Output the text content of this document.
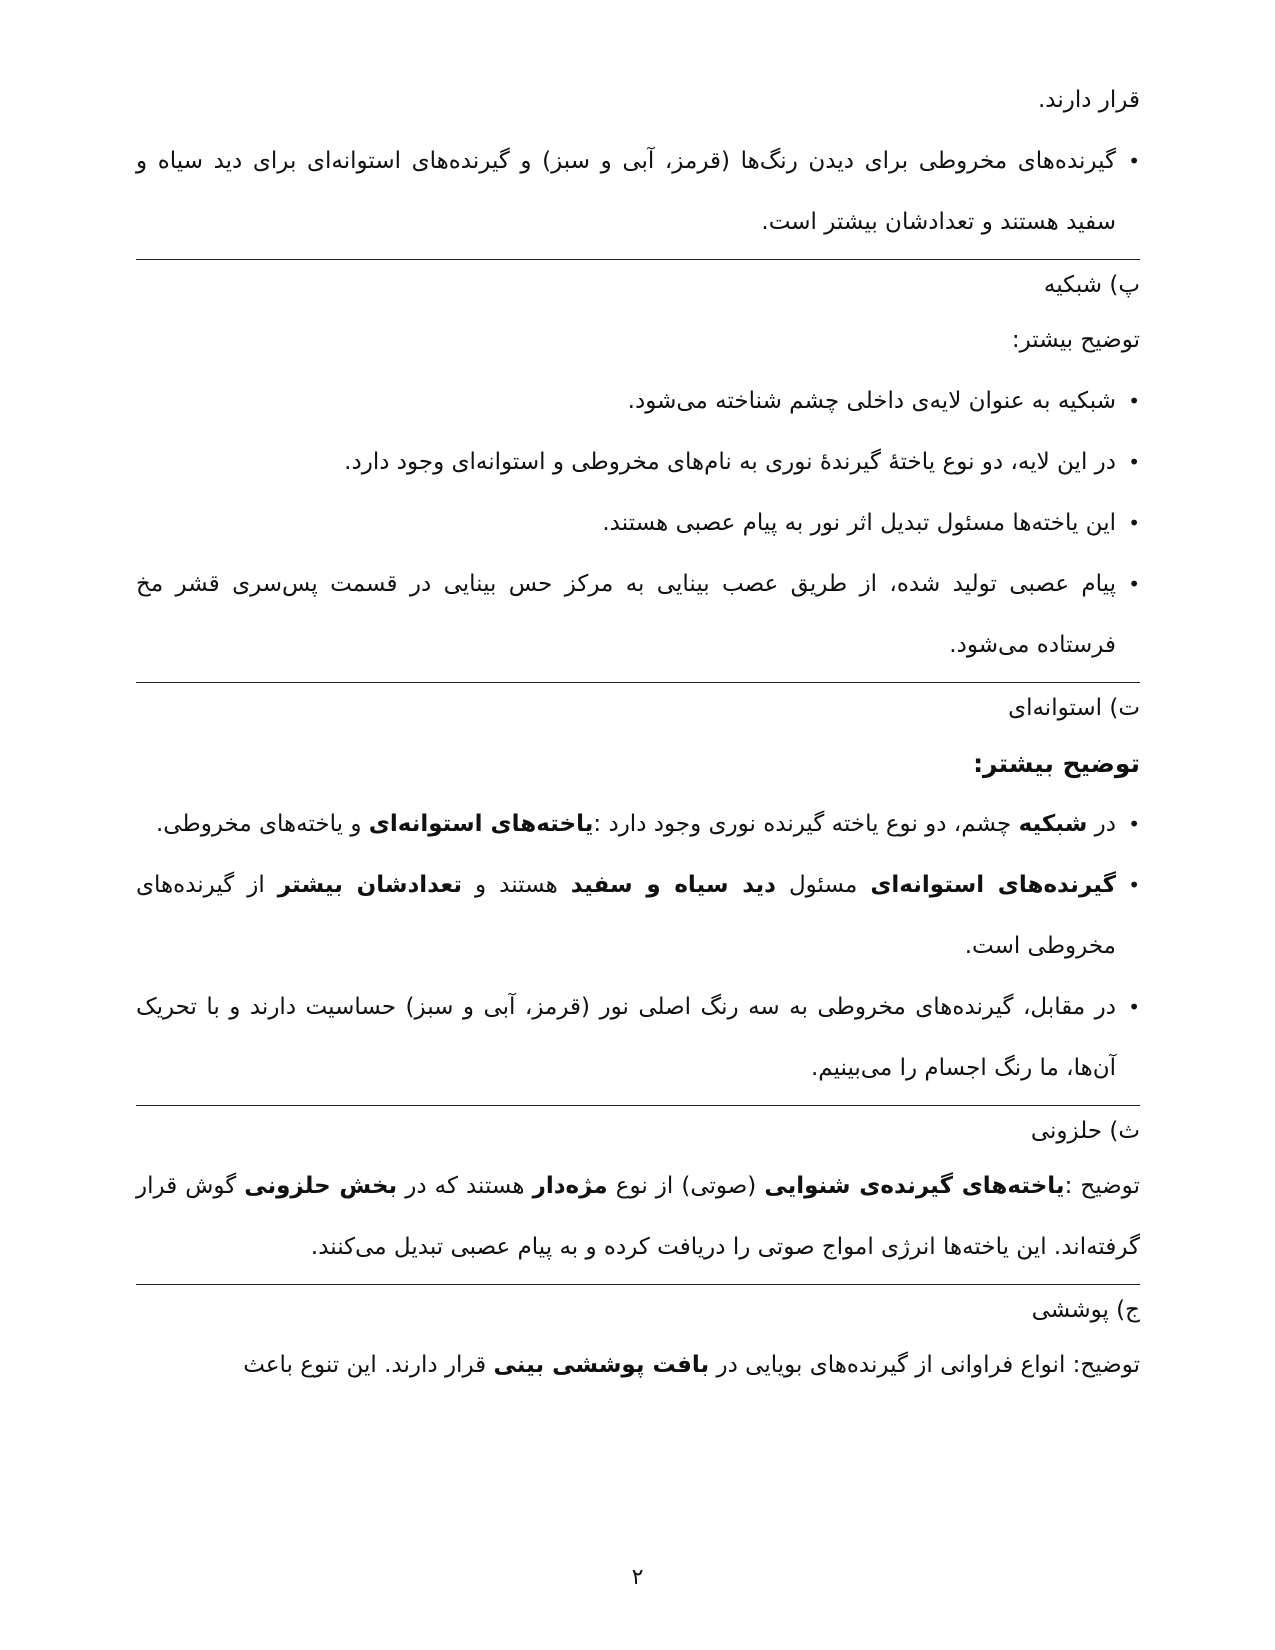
قرار دارند.

• گیرنده‌های مخروطی برای دیدن رنگ‌ها (قرمز، آبی و سبز) و گیرنده‌های استوانه‌ای برای دید سیاه و سفید هستند و تعدادشان بیشتر است.

پ) شبکیه

توضیح بیشتر:

• شبکیه به عنوان لایه‌ی داخلی چشم شناخته می‌شود.

• در این لایه، دو نوع یاختهٔ گیرندهٔ نوری به نام‌های مخروطی و استوانه‌ای وجود دارد.

• این یاخته‌ها مسئول تبدیل اثر نور به پیام عصبی هستند.

• پیام عصبی تولید شده، از طریق عصب بینایی به مرکز حس بینایی در قسمت پس‌سری قشر مخ فرستاده می‌شود.

ت) استوانه‌ای

توضیح بیشتر:

• در شبکیه چشم، دو نوع یاخته گیرنده نوری وجود دارد :یاخته‌های استوانه‌ای و یاخته‌های مخروطی.

• گیرنده‌های استوانه‌ای مسئول دید سیاه و سفید هستند و تعدادشان بیشتر از گیرنده‌های مخروطی است.

• در مقابل، گیرنده‌های مخروطی به سه رنگ اصلی نور (قرمز، آبی و سبز) حساسیت دارند و با تحریک آن‌ها، ما رنگ اجسام را می‌بینیم.

ث) حلزونی

توضیح :یاخته‌های گیرنده‌ی شنوایی (صوتی) از نوع مژه‌دار هستند که در بخش حلزونی گوش قرار گرفته‌اند. این یاخته‌ها انرژی امواج صوتی را دریافت کرده و به پیام عصبی تبدیل می‌کنند.

ج) پوششی

توضیح: انواع فراوانی از گیرنده‌های بویایی در بافت پوششی بینی قرار دارند. این تنوع باعث

۲
